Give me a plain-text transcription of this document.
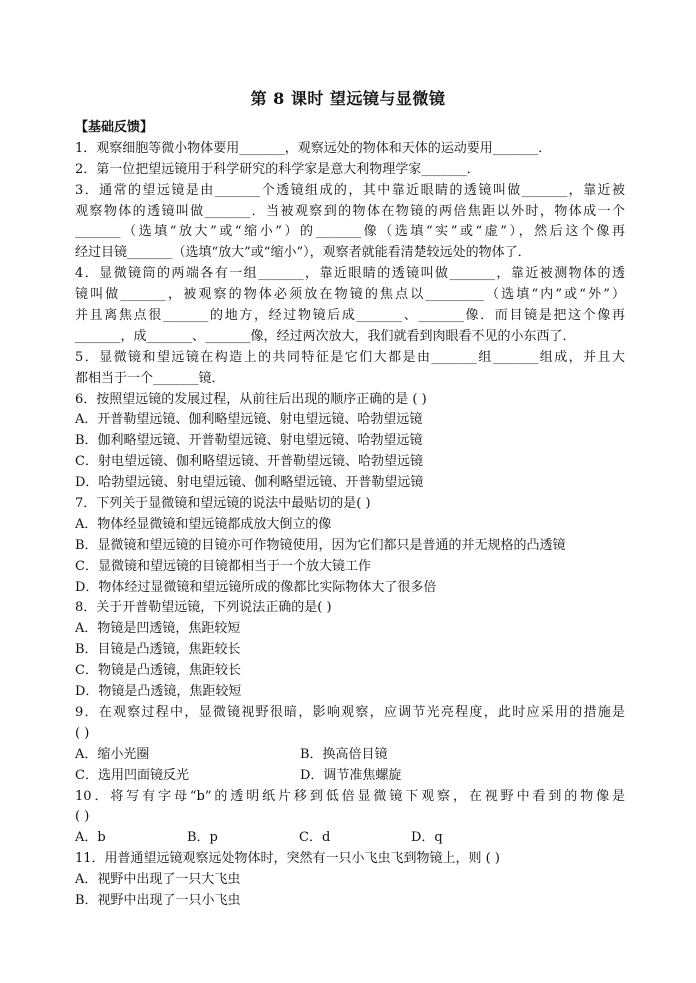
第 8 课时 望远镜与显微镜
【基础反馈】
1．观察细胞等微小物体要用_______，观察远处的物体和天体的运动要用_______．
2．第一位把望远镜用于科学研究的科学家是意大利物理学家_______．
3．通常的望远镜是由_______个透镜组成的，其中靠近眼睛的透镜叫做_______，靠近被
观察物体的透镜叫做_______．当被观察到的物体在物镜的两倍焦距以外时，物体成一个
_______（选填“放大”或“缩小”）的_______像（选填“实”或“虚”），然后这个像再
经过目镜_______（选填“放大”或“缩小”），观察者就能看清楚较远处的物体了．
4．显微镜筒的两端各有一组_______，靠近眼睛的透镜叫做_______，靠近被测物体的透
镜叫做_______，被观察的物体必须放在物镜的焦点以_________（选填“内”或“外”）
并且离焦点很_______的地方，经过物镜后成_______、_______像．而目镜是把这个像再
_______，成_______、_______像，经过两次放大，我们就看到肉眼看不见的小东西了．
5．显微镜和望远镜在构造上的共同特征是它们大都是由_______组_______组成，并且大
都相当于一个_______镜．
6．按照望远镜的发展过程，从前往后出现的顺序正确的是 ( )
A．开普勒望远镜、伽利略望远镜、射电望远镜、哈勃望远镜
B．伽利略望远镜、开普勒望远镜、射电望远镜、哈勃望远镜
C．射电望远镜、伽利略望远镜、开普勒望远镜、哈勃望远镜
D．哈勃望远镜、射电望远镜、伽利略望远镜、开普勒望远镜
7．下列关于显微镜和望远镜的说法中最贴切的是( )
A．物体经显微镜和望远镜都成放大倒立的像
B．显微镜和望远镜的目镜亦可作物镜使用，因为它们都只是普通的并无规格的凸透镜
C．显微镜和望远镜的目镜都相当于一个放大镜工作
D．物体经过显微镜和望远镜所成的像都比实际物体大了很多倍
8．关于开普勒望远镜，下列说法正确的是( )
A．物镜是凹透镜，焦距较短
B．目镜是凸透镜，焦距较长
C．物镜是凸透镜，焦距较长
D．物镜是凸透镜，焦距较短
9．在观察过程中，显微镜视野很暗，影响观察，应调节光亮程度，此时应采用的措施是
( )
A．缩小光圈	B．换高倍目镜
C．选用凹面镜反光	D．调节准焦螺旋
10．将写有字母“b”的透明纸片移到低倍显微镜下观察，在视野中看到的物像是
( )
A．b	B．p	C．d	D．q
11．用普通望远镜观察远处物体时，突然有一只小飞虫飞到物镜上，则 ( )
A．视野中出现了一只大飞虫
B．视野中出现了一只小飞虫
